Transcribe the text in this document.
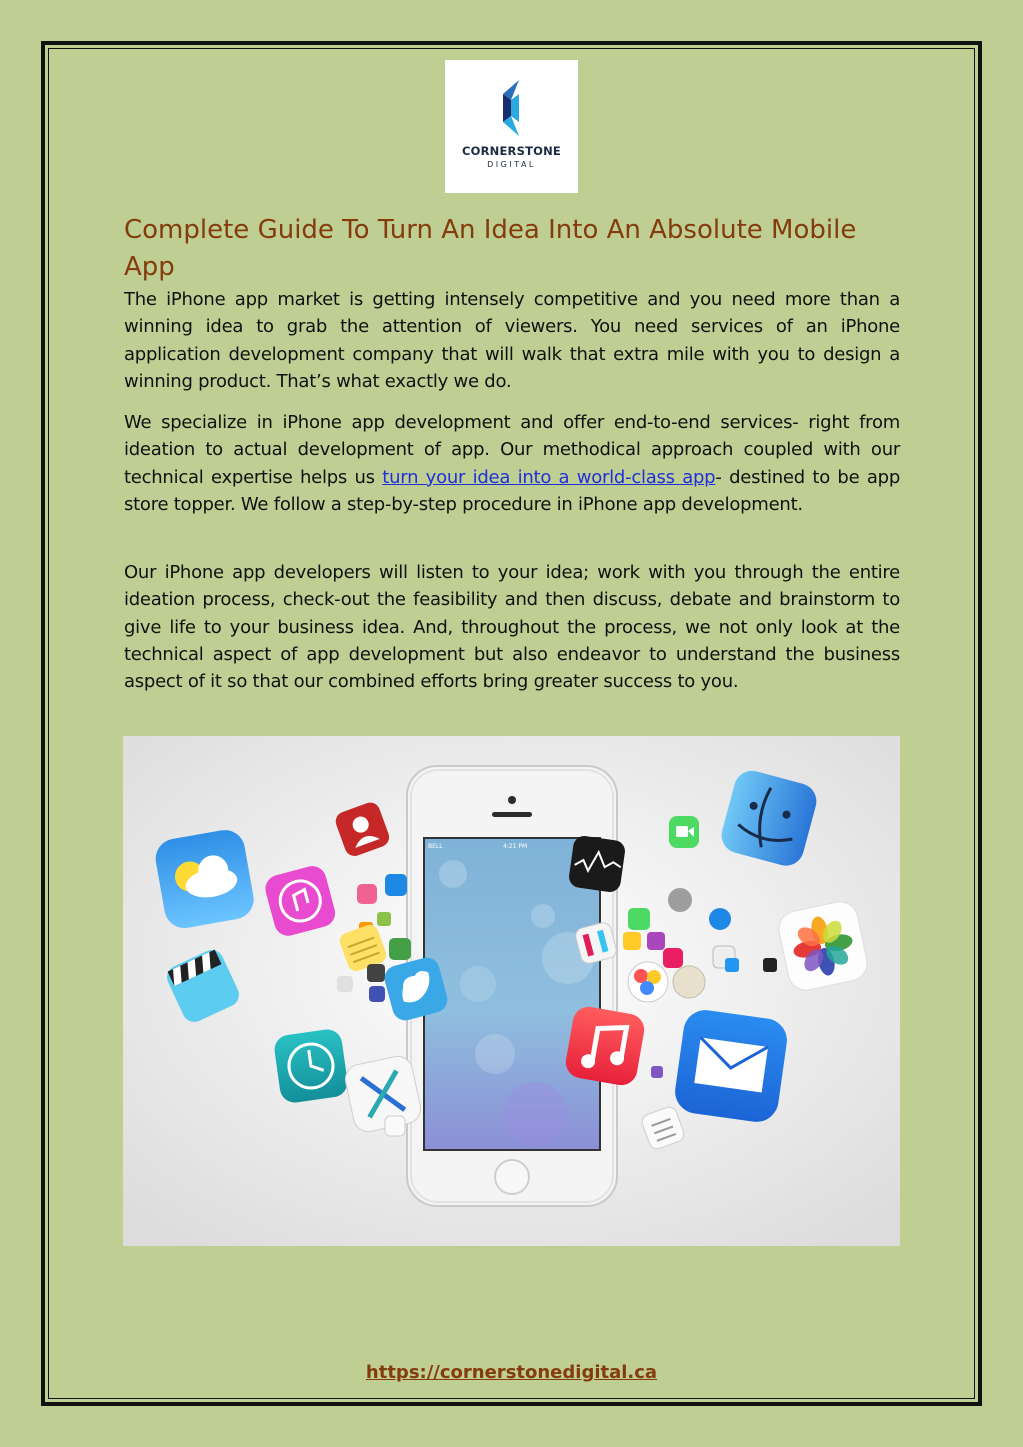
CORNERSTONE
DIGITAL
Complete Guide To Turn An Idea Into An Absolute Mobile App

The iPhone app market is getting intensely competitive and you need more than a winning idea to grab the attention of viewers. You need services of an iPhone application development company that will walk that extra mile with you to design a winning product. That’s what exactly we do.

We specialize in iPhone app development and offer end-to-end services- right from ideation to actual development of app. Our methodical approach coupled with our technical expertise helps us turn your idea into a world-class app- destined to be app store topper. We follow a step-by-step procedure in iPhone app development.

Our iPhone app developers will listen to your idea; work with you through the entire ideation process, check-out the feasibility and then discuss, debate and brainstorm to give life to your business idea. And, throughout the process, we not only look at the technical aspect of app development but also endeavor to understand the business aspect of it so that our combined efforts bring greater success to you.

BELL	4:21 PM
https://cornerstonedigital.ca
